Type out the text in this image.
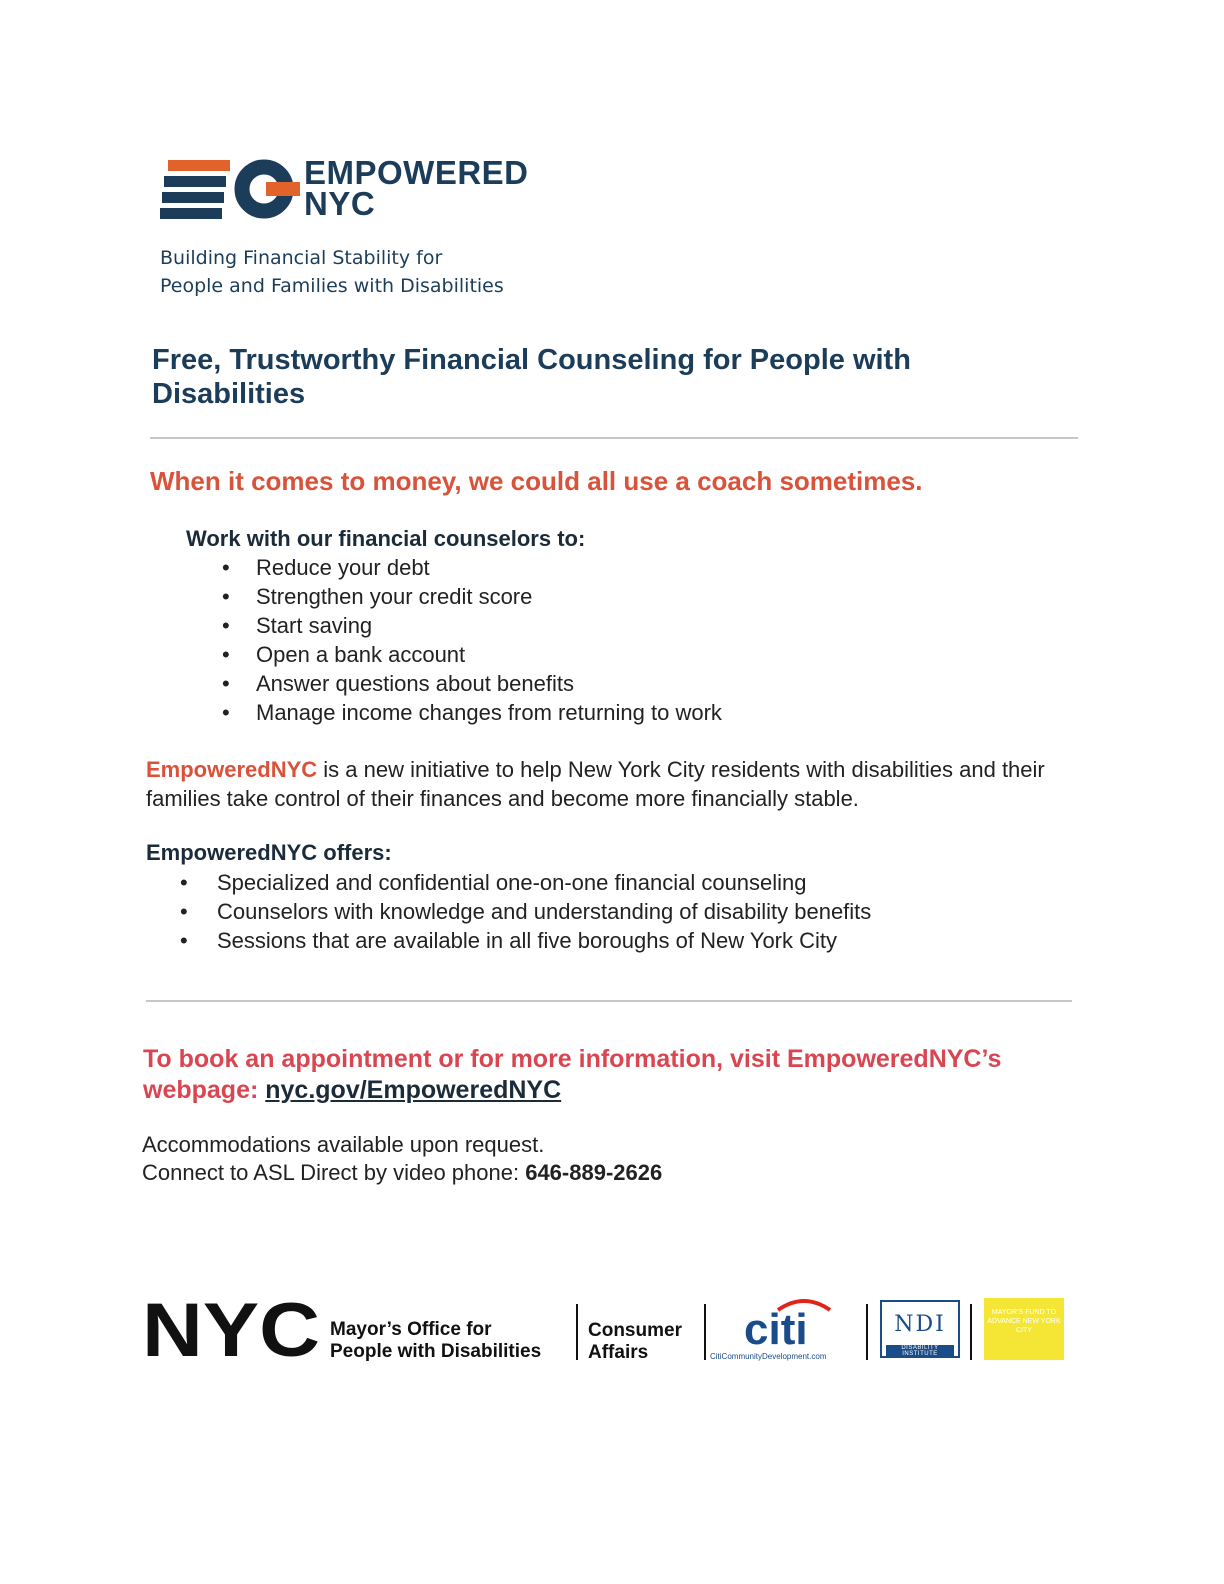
EMPOWERED
NYC
Building Financial Stability for
People and Families with Disabilities
Free, Trustworthy Financial Counseling for People with Disabilities
When it comes to money, we could all use a coach sometimes.
Work with our financial counselors to:
• Reduce your debt
• Strengthen your credit score
• Start saving
• Open a bank account
• Answer questions about benefits
• Manage income changes from returning to work
EmpoweredNYC is a new initiative to help New York City residents with disabilities and their families take control of their finances and become more financially stable.
EmpoweredNYC offers:
• Specialized and confidential one-on-one financial counseling
• Counselors with knowledge and understanding of disability benefits
• Sessions that are available in all five boroughs of New York City
To book an appointment or for more information, visit EmpoweredNYC’s webpage: nyc.gov/EmpoweredNYC
Accommodations available upon request.
Connect to ASL Direct by video phone: 646-889-2626
NYC Mayor’s Office for
People with Disabilities
Consumer
Affairs	citi
CitiCommunityDevelopment.com
NDI
DISABILITY INSTITUTE
MAYOR’S FUND TO ADVANCE NEW YORK CITY
